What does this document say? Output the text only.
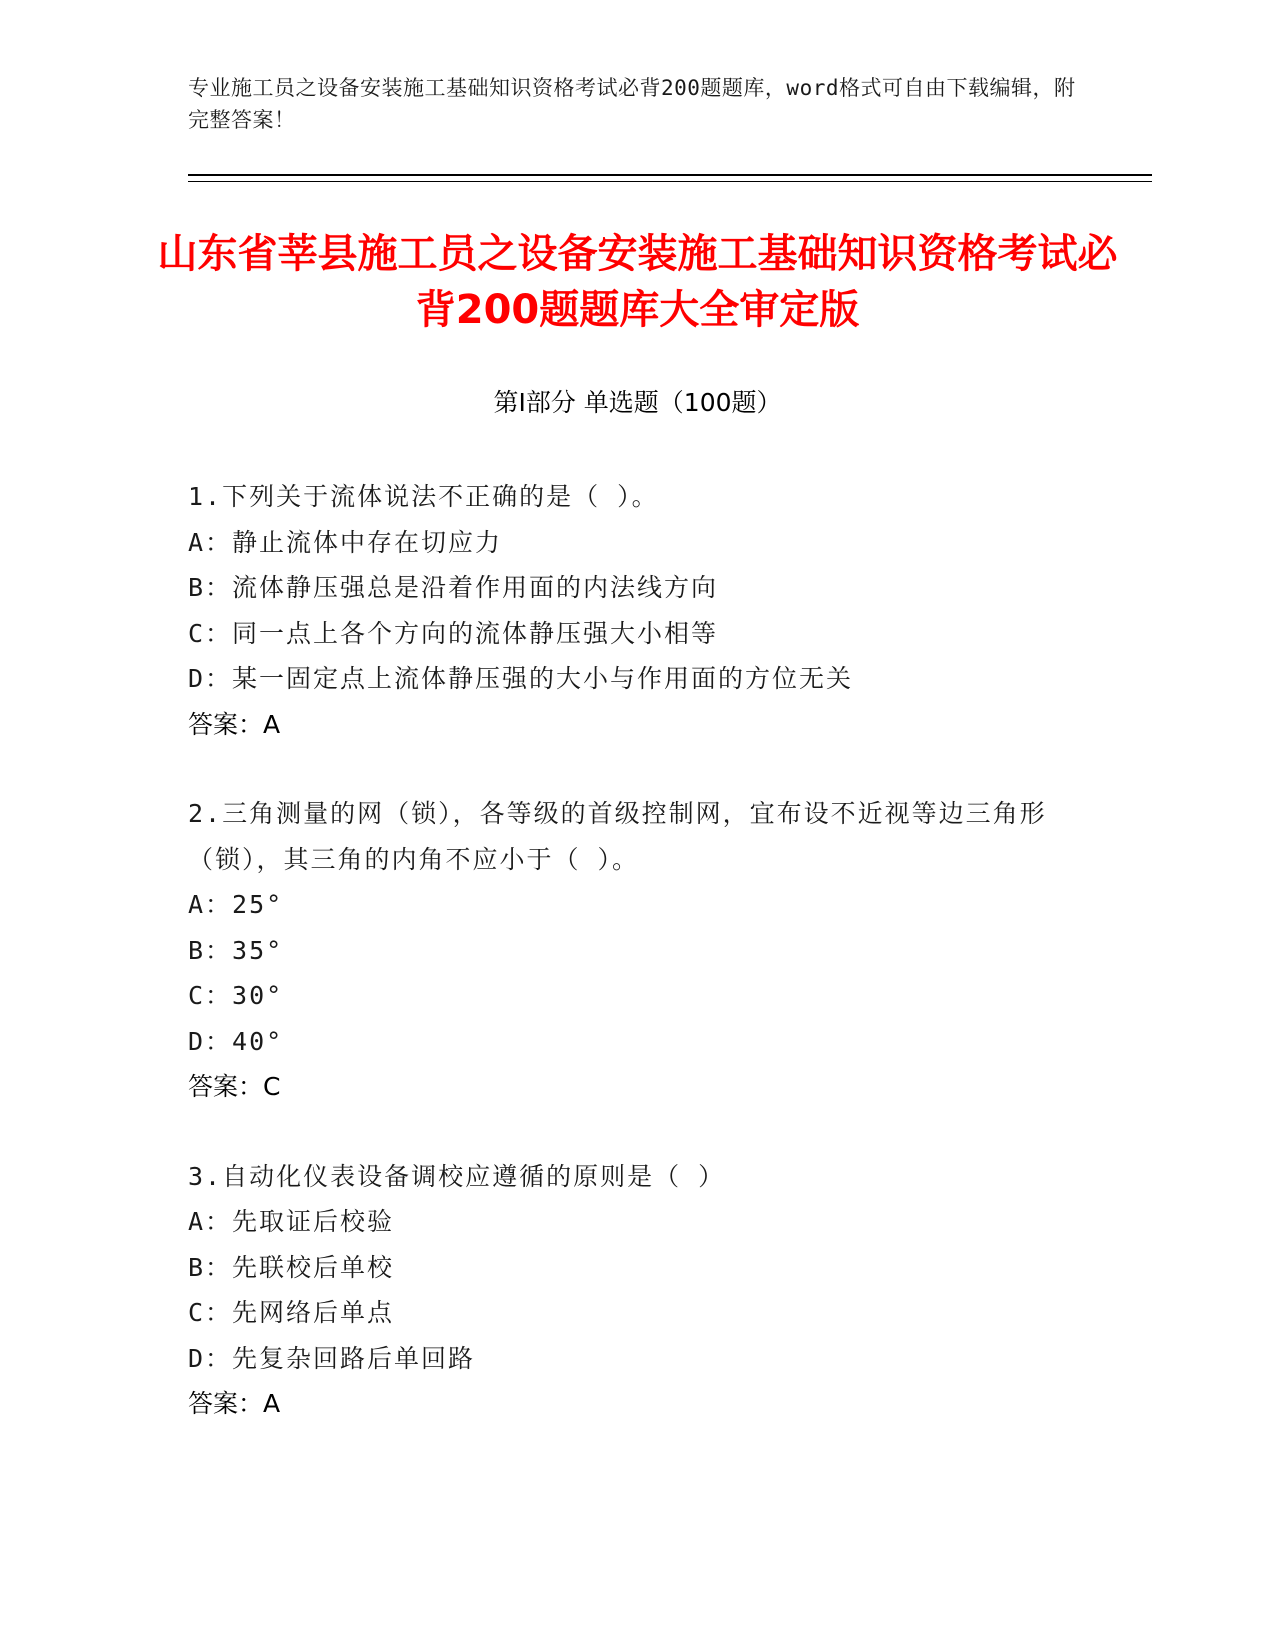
专业施工员之设备安装施工基础知识资格考试必背200题题库，word格式可自由下载编辑，附完整答案！
山东省莘县施工员之设备安装施工基础知识资格考试必背200题题库大全审定版
第I部分 单选题（100题）
1.下列关于流体说法不正确的是（ ）。
A：静止流体中存在切应力
B：流体静压强总是沿着作用面的内法线方向
C：同一点上各个方向的流体静压强大小相等
D：某一固定点上流体静压强的大小与作用面的方位无关
答案：A
2.三角测量的网（锁），各等级的首级控制网，宜布设不近视等边三角形（锁），其三角的内角不应小于（ ）。
A：25°
B：35°
C：30°
D：40°
答案：C
3.自动化仪表设备调校应遵循的原则是（ ）
A：先取证后校验
B：先联校后单校
C：先网络后单点
D：先复杂回路后单回路
答案：A
